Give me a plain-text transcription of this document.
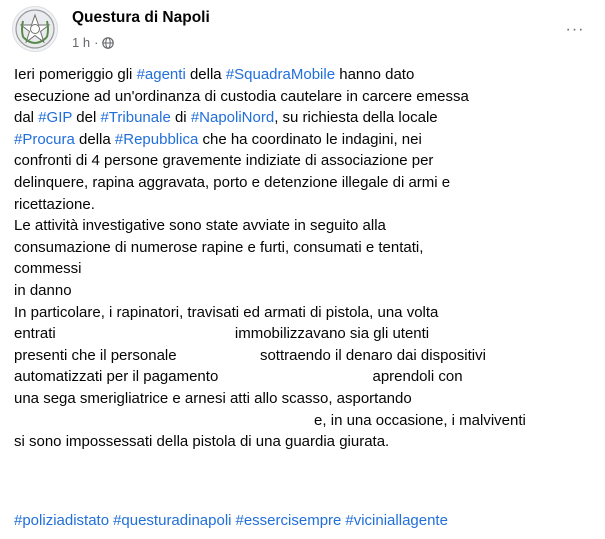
Questura di Napoli
1 h ·
···
Ieri pomeriggio gli #agenti della #SquadraMobile hanno dato
esecuzione ad un'ordinanza di custodia cautelare in carcere emessa
dal #GIP del #Tribunale di #NapoliNord, su richiesta della locale
#Procura della #Repubblica che ha coordinato le indagini, nei
confronti di 4 persone gravemente indiziate di associazione per
delinquere, rapina aggravata, porto e detenzione illegale di armi e
ricettazione.
Le attività investigative sono state avviate in seguito alla
consumazione di numerose rapine e furti, consumati e tentati,
commessi
in danno
In particolare, i rapinatori, travisati ed armati di pistola, una volta
entrati                                           immobilizzavano sia gli utenti
presenti che il personale                    sottraendo il denaro dai dispositivi
automatizzati per il pagamento                                     aprendoli con
una sega smerigliatrice e arnesi atti allo scasso, asportando
e, in una occasione, i malviventi
si sono impossessati della pistola di una guardia giurata.
#poliziadistato #questuradinapoli #essercisempre #viciniallagente
